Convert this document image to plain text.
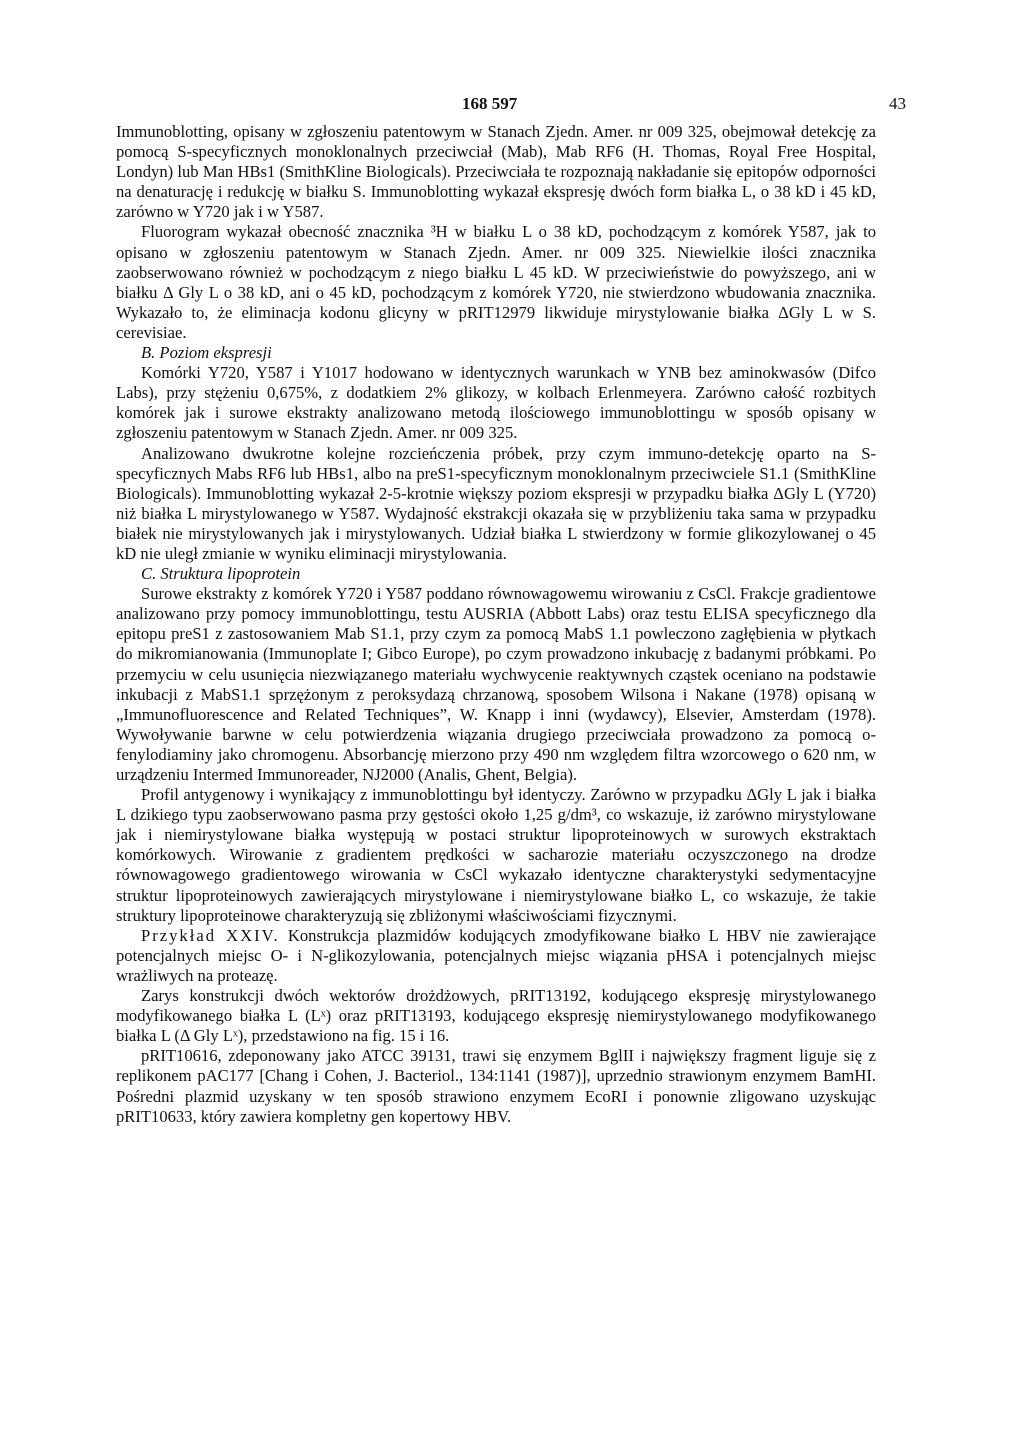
168 597	43

Immunoblotting, opisany w zgłoszeniu patentowym w Stanach Zjedn. Amer. nr 009 325, obejmował detekcję za pomocą S-specyficznych monoklonalnych przeciwciał (Mab), Mab RF6 (H. Thomas, Royal Free Hospital, Londyn) lub Man HBs1 (SmithKline Biologicals). Przeciwciała te rozpoznają nakładanie się epitopów odporności na denaturację i redukcję w białku S. Immunoblotting wykazał ekspresję dwóch form białka L, o 38 kD i 45 kD, zarówno w Y720 jak i w Y587.

Fluorogram wykazał obecność znacznika ³H w białku L o 38 kD, pochodzącym z komórek Y587, jak to opisano w zgłoszeniu patentowym w Stanach Zjedn. Amer. nr 009 325. Niewielkie ilości znacznika zaobserwowano również w pochodzącym z niego białku L 45 kD. W przeciwieństwie do powyższego, ani w białku Δ Gly L o 38 kD, ani o 45 kD, pochodzącym z komórek Y720, nie stwierdzono wbudowania znacznika. Wykazało to, że eliminacja kodonu glicyny w pRIT12979 likwiduje mirystylowanie białka ΔGly L w S. cerevisiae.

B. Poziom ekspresji

Komórki Y720, Y587 i Y1017 hodowano w identycznych warunkach w YNB bez aminokwasów (Difco Labs), przy stężeniu 0,675%, z dodatkiem 2% glikozy, w kolbach Erlenmeyera. Zarówno całość rozbitych komórek jak i surowe ekstrakty analizowano metodą ilościowego immunoblottingu w sposób opisany w zgłoszeniu patentowym w Stanach Zjedn. Amer. nr 009 325.

Analizowano dwukrotne kolejne rozcieńczenia próbek, przy czym immuno-detekcję oparto na S-specyficznych Mabs RF6 lub HBs1, albo na preS1-specyficznym monoklonalnym przeciwciele S1.1 (SmithKline Biologicals). Immunoblotting wykazał 2-5-krotnie większy poziom ekspresji w przypadku białka ΔGly L (Y720) niż białka L mirystylowanego w Y587. Wydajność ekstrakcji okazała się w przybliżeniu taka sama w przypadku białek nie mirystylowanych jak i mirystylowanych. Udział białka L stwierdzony w formie glikozylowanej o 45 kD nie uległ zmianie w wyniku eliminacji mirystylowania.

C. Struktura lipoprotein

Surowe ekstrakty z komórek Y720 i Y587 poddano równowagowemu wirowaniu z CsCl. Frakcje gradientowe analizowano przy pomocy immunoblottingu, testu AUSRIA (Abbott Labs) oraz testu ELISA specyficznego dla epitopu preS1 z zastosowaniem Mab S1.1, przy czym za pomocą MabS 1.1 powleczono zagłębienia w płytkach do mikromianowania (Immunoplate I; Gibco Europe), po czym prowadzono inkubację z badanymi próbkami. Po przemyciu w celu usunięcia niezwiązanego materiału wychwycenie reaktywnych cząstek oceniano na podstawie inkubacji z MabS1.1 sprzężonym z peroksydazą chrzanową, sposobem Wilsona i Nakane (1978) opisaną w „Immunofluorescence and Related Techniques”, W. Knapp i inni (wydawcy), Elsevier, Amsterdam (1978). Wywoływanie barwne w celu potwierdzenia wiązania drugiego przeciwciała prowadzono za pomocą o-fenylodiaminy jako chromogenu. Absorbancję mierzono przy 490 nm względem filtra wzorcowego o 620 nm, w urządzeniu Intermed Immunoreader, NJ2000 (Analis, Ghent, Belgia).

Profil antygenowy i wynikający z immunoblottingu był identyczy. Zarówno w przypadku ΔGly L jak i białka L dzikiego typu zaobserwowano pasma przy gęstości około 1,25 g/dm³, co wskazuje, iż zarówno mirystylowane jak i niemirystylowane białka występują w postaci struktur lipoproteinowych w surowych ekstraktach komórkowych. Wirowanie z gradientem prędkości w sacharozie materiału oczyszczonego na drodze równowagowego gradientowego wirowania w CsCl wykazało identyczne charakterystyki sedymentacyjne struktur lipoproteinowych zawierających mirystylowane i niemirystylowane białko L, co wskazuje, że takie struktury lipoproteinowe charakteryzują się zbliżonymi właściwościami fizycznymi.

Przykład XXIV. Konstrukcja plazmidów kodujących zmodyfikowane białko L HBV nie zawierające potencjalnych miejsc O- i N-glikozylowania, potencjalnych miejsc wiązania pHSA i potencjalnych miejsc wrażliwych na proteazę.

Zarys konstrukcji dwóch wektorów drożdżowych, pRIT13192, kodującego ekspresję mirystylowanego modyfikowanego białka L (Lˣ) oraz pRIT13193, kodującego ekspresję niemirystylowanego modyfikowanego białka L (Δ Gly Lˣ), przedstawiono na fig. 15 i 16.

pRIT10616, zdeponowany jako ATCC 39131, trawi się enzymem BglII i największy fragment liguje się z replikonem pAC177 [Chang i Cohen, J. Bacteriol., 134:1141 (1987)], uprzednio strawionym enzymem BamHI. Pośredni plazmid uzyskany w ten sposób strawiono enzymem EcoRI i ponownie zligowano uzyskując pRIT10633, który zawiera kompletny gen kopertowy HBV.
